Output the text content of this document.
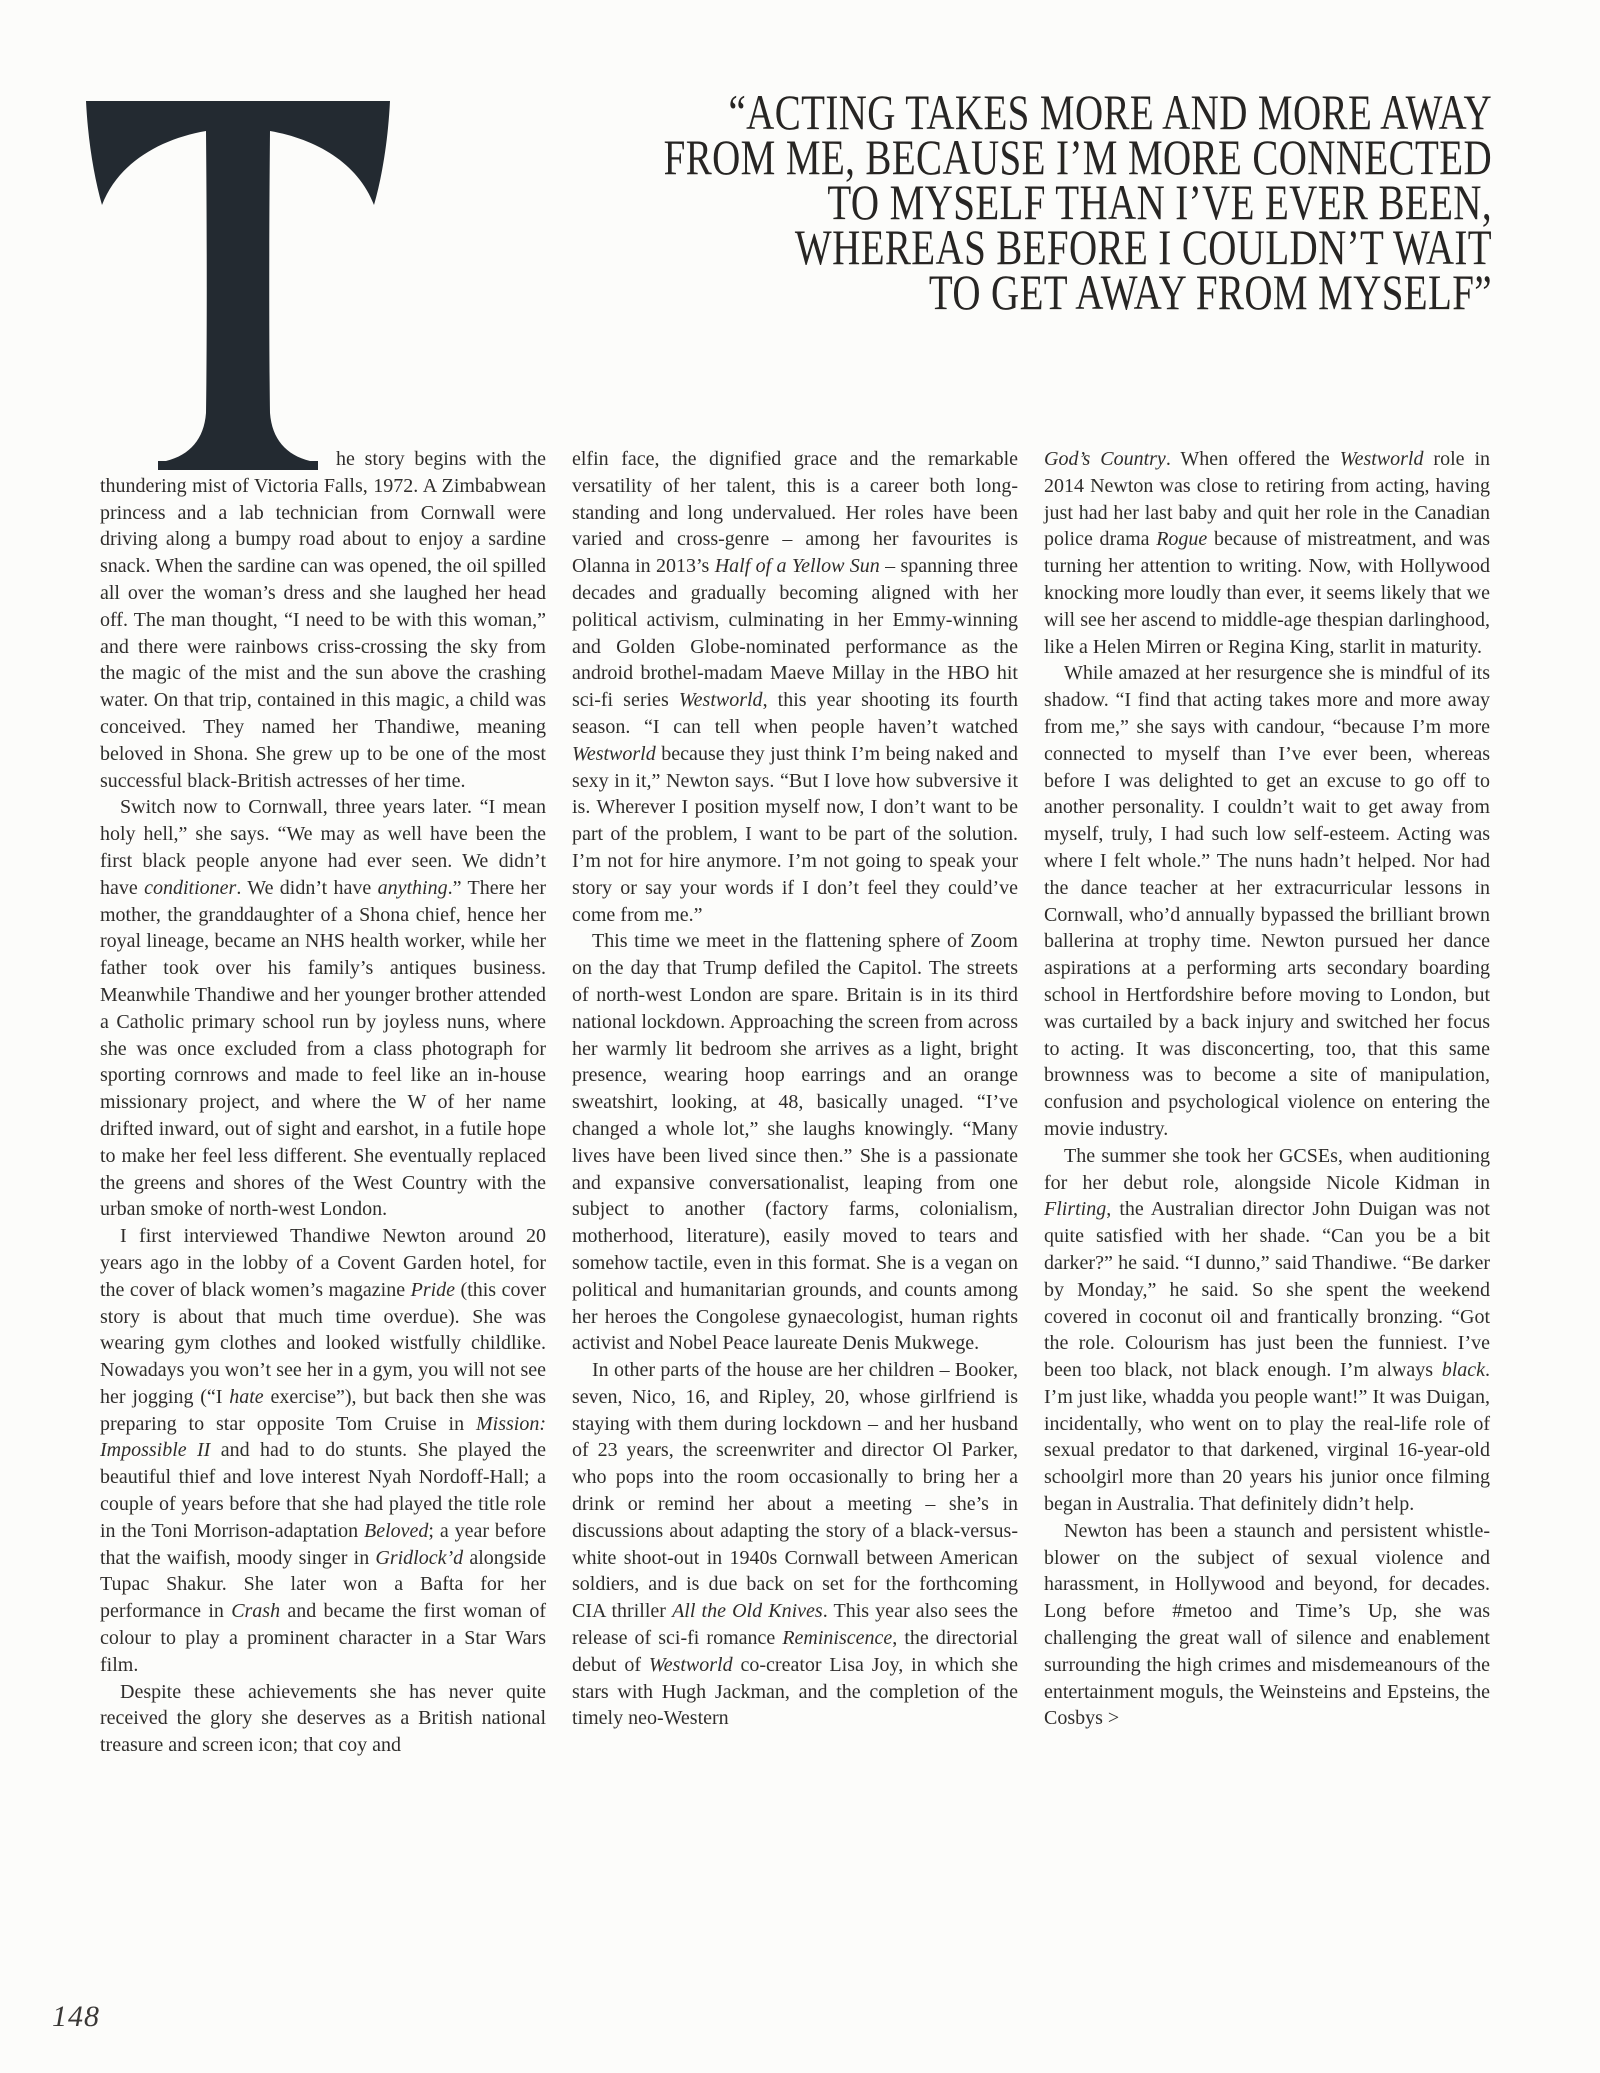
“ACTING TAKES MORE AND MORE AWAY
FROM ME, BECAUSE I’M MORE CONNECTED
TO MYSELF THAN I’VE EVER BEEN,
WHEREAS BEFORE I COULDN’T WAIT
TO GET AWAY FROM MYSELF”

he story begins with the thundering mist of Victoria Falls, 1972. A Zimbabwean princess and a lab technician from Cornwall were driving along a bumpy road about to enjoy a sardine snack. When the sardine can was opened, the oil spilled all over the woman’s dress and she laughed her head off. The man thought, “I need to be with this woman,” and there were rainbows criss-crossing the sky from the magic of the mist and the sun above the crashing water. On that trip, contained in this magic, a child was conceived. They named her Thandiwe, meaning beloved in Shona. She grew up to be one of the most successful black-British actresses of her time.

Switch now to Cornwall, three years later. “I mean holy hell,” she says. “We may as well have been the first black people anyone had ever seen. We didn’t have conditioner. We didn’t have anything.” There her mother, the granddaughter of a Shona chief, hence her royal lineage, became an NHS health worker, while her father took over his family’s antiques business. Meanwhile Thandiwe and her younger brother attended a Catholic primary school run by joyless nuns, where she was once excluded from a class photograph for sporting cornrows and made to feel like an in-house missionary project, and where the W of her name drifted inward, out of sight and earshot, in a futile hope to make her feel less different. She eventually replaced the greens and shores of the West Country with the urban smoke of north-west London.

I first interviewed Thandiwe Newton around 20 years ago in the lobby of a Covent Garden hotel, for the cover of black women’s magazine Pride (this cover story is about that much time overdue). She was wearing gym clothes and looked wistfully childlike. Nowadays you won’t see her in a gym, you will not see her jogging (“I hate exercise”), but back then she was preparing to star opposite Tom Cruise in Mission: Impossible II and had to do stunts. She played the beautiful thief and love interest Nyah Nordoff-Hall; a couple of years before that she had played the title role in the Toni Morrison-adaptation Beloved; a year before that the waifish, moody singer in Gridlock’d alongside Tupac Shakur. She later won a Bafta for her performance in Crash and became the first woman of colour to play a prominent character in a Star Wars film.

Despite these achievements she has never quite received the glory she deserves as a British national treasure and screen icon; that coy and

elfin face, the dignified grace and the remarkable versatility of her talent, this is a career both long-standing and long undervalued. Her roles have been varied and cross-genre – among her favourites is Olanna in 2013’s Half of a Yellow Sun – spanning three decades and gradually becoming aligned with her political activism, culminating in her Emmy-winning and Golden Globe-nominated performance as the android brothel-madam Maeve Millay in the HBO hit sci-fi series Westworld, this year shooting its fourth season. “I can tell when people haven’t watched Westworld because they just think I’m being naked and sexy in it,” Newton says. “But I love how subversive it is. Wherever I position myself now, I don’t want to be part of the problem, I want to be part of the solution. I’m not for hire anymore. I’m not going to speak your story or say your words if I don’t feel they could’ve come from me.”

This time we meet in the flattening sphere of Zoom on the day that Trump defiled the Capitol. The streets of north-west London are spare. Britain is in its third national lockdown. Approaching the screen from across her warmly lit bedroom she arrives as a light, bright presence, wearing hoop earrings and an orange sweatshirt, looking, at 48, basically unaged. “I’ve changed a whole lot,” she laughs knowingly. “Many lives have been lived since then.” She is a passionate and expansive conversationalist, leaping from one subject to another (factory farms, colonialism, motherhood, literature), easily moved to tears and somehow tactile, even in this format. She is a vegan on political and humanitarian grounds, and counts among her heroes the Congolese gynaecologist, human rights activist and Nobel Peace laureate Denis Mukwege.

In other parts of the house are her children – Booker, seven, Nico, 16, and Ripley, 20, whose girlfriend is staying with them during lockdown – and her husband of 23 years, the screenwriter and director Ol Parker, who pops into the room occasionally to bring her a drink or remind her about a meeting – she’s in discussions about adapting the story of a black-versus-white shoot-out in 1940s Cornwall between American soldiers, and is due back on set for the forthcoming CIA thriller All the Old Knives. This year also sees the release of sci-fi romance Reminiscence, the directorial debut of Westworld co-creator Lisa Joy, in which she stars with Hugh Jackman, and the completion of the timely neo-Western

God’s Country. When offered the Westworld role in 2014 Newton was close to retiring from acting, having just had her last baby and quit her role in the Canadian police drama Rogue because of mistreatment, and was turning her attention to writing. Now, with Hollywood knocking more loudly than ever, it seems likely that we will see her ascend to middle-age thespian darlinghood, like a Helen Mirren or Regina King, starlit in maturity.

While amazed at her resurgence she is mindful of its shadow. “I find that acting takes more and more away from me,” she says with candour, “because I’m more connected to myself than I’ve ever been, whereas before I was delighted to get an excuse to go off to another personality. I couldn’t wait to get away from myself, truly, I had such low self-esteem. Acting was where I felt whole.” The nuns hadn’t helped. Nor had the dance teacher at her extracurricular lessons in Cornwall, who’d annually bypassed the brilliant brown ballerina at trophy time. Newton pursued her dance aspirations at a performing arts secondary boarding school in Hertfordshire before moving to London, but was curtailed by a back injury and switched her focus to acting. It was disconcerting, too, that this same brownness was to become a site of manipulation, confusion and psychological violence on entering the movie industry.

The summer she took her GCSEs, when auditioning for her debut role, alongside Nicole Kidman in Flirting, the Australian director John Duigan was not quite satisfied with her shade. “Can you be a bit darker?” he said. “I dunno,” said Thandiwe. “Be darker by Monday,” he said. So she spent the weekend covered in coconut oil and frantically bronzing. “Got the role. Colourism has just been the funniest. I’ve been too black, not black enough. I’m always black. I’m just like, whadda you people want!” It was Duigan, incidentally, who went on to play the real-life role of sexual predator to that darkened, virginal 16-year-old schoolgirl more than 20 years his junior once filming began in Australia. That definitely didn’t help.

Newton has been a staunch and persistent whistle-blower on the subject of sexual violence and harassment, in Hollywood and beyond, for decades. Long before #metoo and Time’s Up, she was challenging the great wall of silence and enablement surrounding the high crimes and misdemeanours of the entertainment moguls, the Weinsteins and Epsteins, the Cosbys >

148
